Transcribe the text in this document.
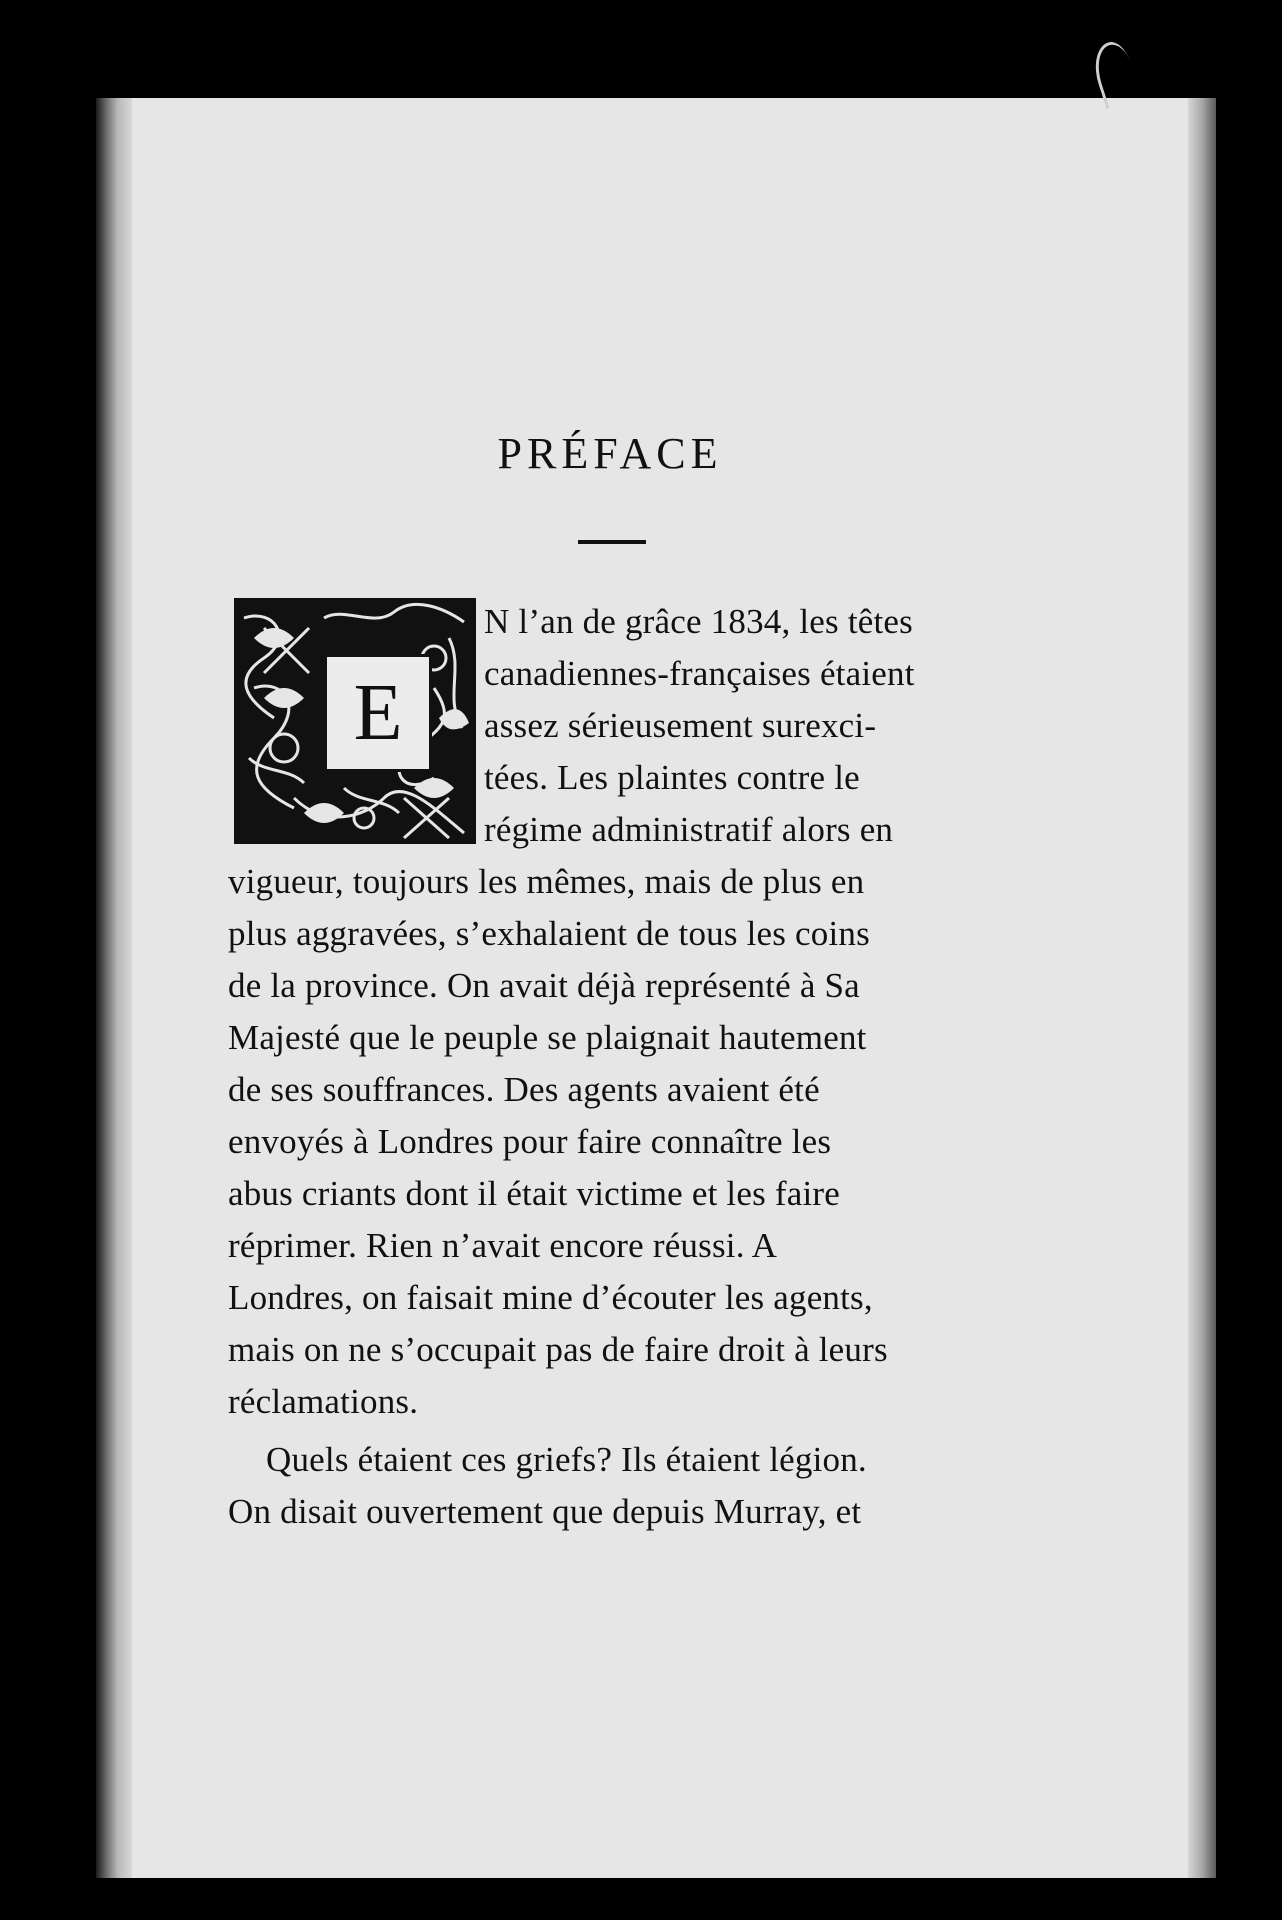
PRÉFACE
E
N l’an de grâce 1834, les têtes
canadiennes-françaises étaient
assez sérieusement surexci-
tées. Les plaintes contre le
régime administratif alors en
vigueur, toujours les mêmes, mais de plus en
plus aggravées, s’exhalaient de tous les coins
de la province. On avait déjà représenté à Sa
Majesté que le peuple se plaignait hautement
de ses souffrances. Des agents avaient été
envoyés à Londres pour faire connaître les
abus criants dont il était victime et les faire
réprimer. Rien n’avait encore réussi. A
Londres, on faisait mine d’écouter les agents,
mais on ne s’occupait pas de faire droit à leurs
réclamations.
Quels étaient ces griefs? Ils étaient légion.
On disait ouvertement que depuis Murray, et
